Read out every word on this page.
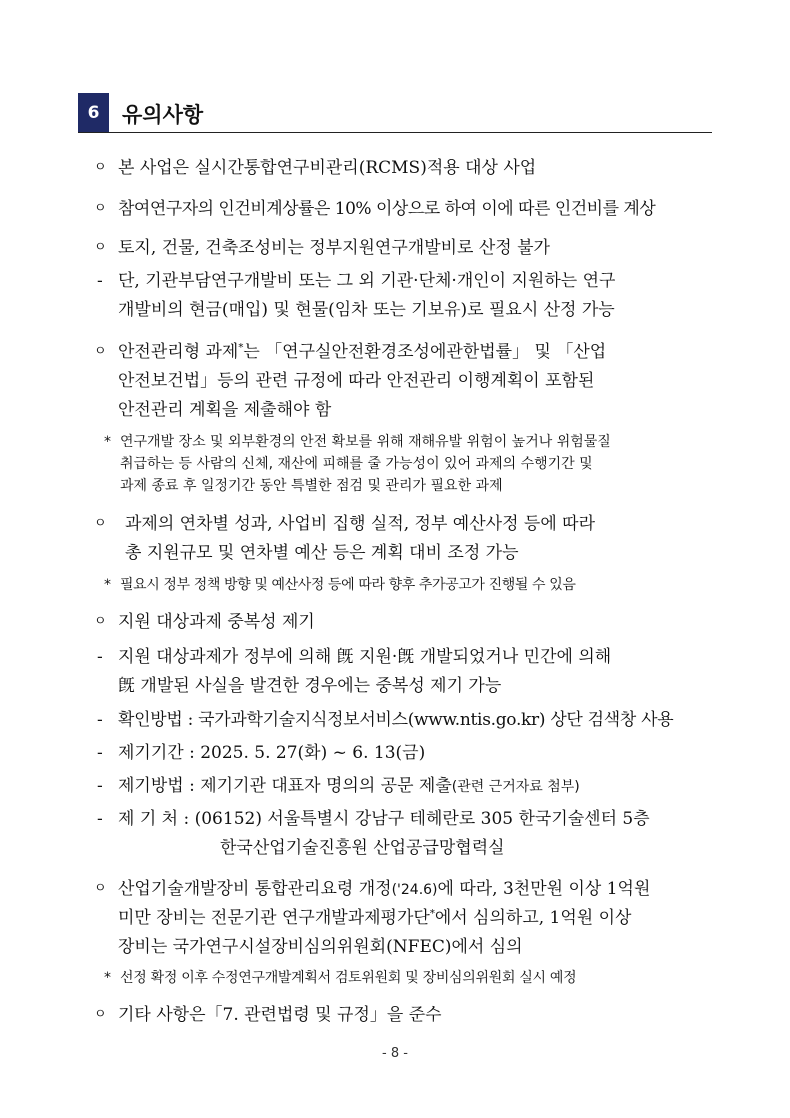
6	유의사항
ㅇ 본 사업은 실시간통합연구비관리(RCMS)적용 대상 사업
ㅇ 참여연구자의 인건비계상률은 10% 이상으로 하여 이에 따른 인건비를 계상
ㅇ 토지, 건물, 건축조성비는 정부지원연구개발비로 산정 불가
- 단, 기관부담연구개발비 또는 그 외 기관·단체·개인이 지원하는 연구
개발비의 현금(매입) 및 현물(임차 또는 기보유)로 필요시 산정 가능
ㅇ 안전관리형 과제*는 「연구실안전환경조성에관한법률」 및 「산업
안전보건법」등의 관련 규정에 따라 안전관리 이행계획이 포함된
안전관리 계획을 제출해야 함
* 연구개발 장소 및 외부환경의 안전 확보를 위해 재해유발 위험이 높거나 위험물질
취급하는 등 사람의 신체, 재산에 피해를 줄 가능성이 있어 과제의 수행기간 및
과제 종료 후 일정기간 동안 특별한 점검 및 관리가 필요한 과제
ㅇ 과제의 연차별 성과, 사업비 집행 실적, 정부 예산사정 등에 따라
총 지원규모 및 연차별 예산 등은 계획 대비 조정 가능
* 필요시 정부 정책 방향 및 예산사정 등에 따라 향후 추가공고가 진행될 수 있음
ㅇ 지원 대상과제 중복성 제기
- 지원 대상과제가 정부에 의해 旣 지원·旣 개발되었거나 민간에 의해
旣 개발된 사실을 발견한 경우에는 중복성 제기 가능
- 확인방법 : 국가과학기술지식정보서비스(www.ntis.go.kr) 상단 검색창 사용
- 제기기간 : 2025. 5. 27(화) ~ 6. 13(금)
- 제기방법 : 제기기관 대표자 명의의 공문 제출(관련 근거자료 첨부)
- 제 기 처 : (06152) 서울특별시 강남구 테헤란로 305 한국기술센터 5층
한국산업기술진흥원 산업공급망협력실
ㅇ 산업기술개발장비 통합관리요령 개정('24.6)에 따라, 3천만원 이상 1억원
미만 장비는 전문기관 연구개발과제평가단*에서 심의하고, 1억원 이상
장비는 국가연구시설장비심의위원회(NFEC)에서 심의
* 선정 확정 이후 수정연구개발계획서 검토위원회 및 장비심의위원회 실시 예정
ㅇ 기타 사항은「7. 관련법령 및 규정」을 준수
- 8 -
